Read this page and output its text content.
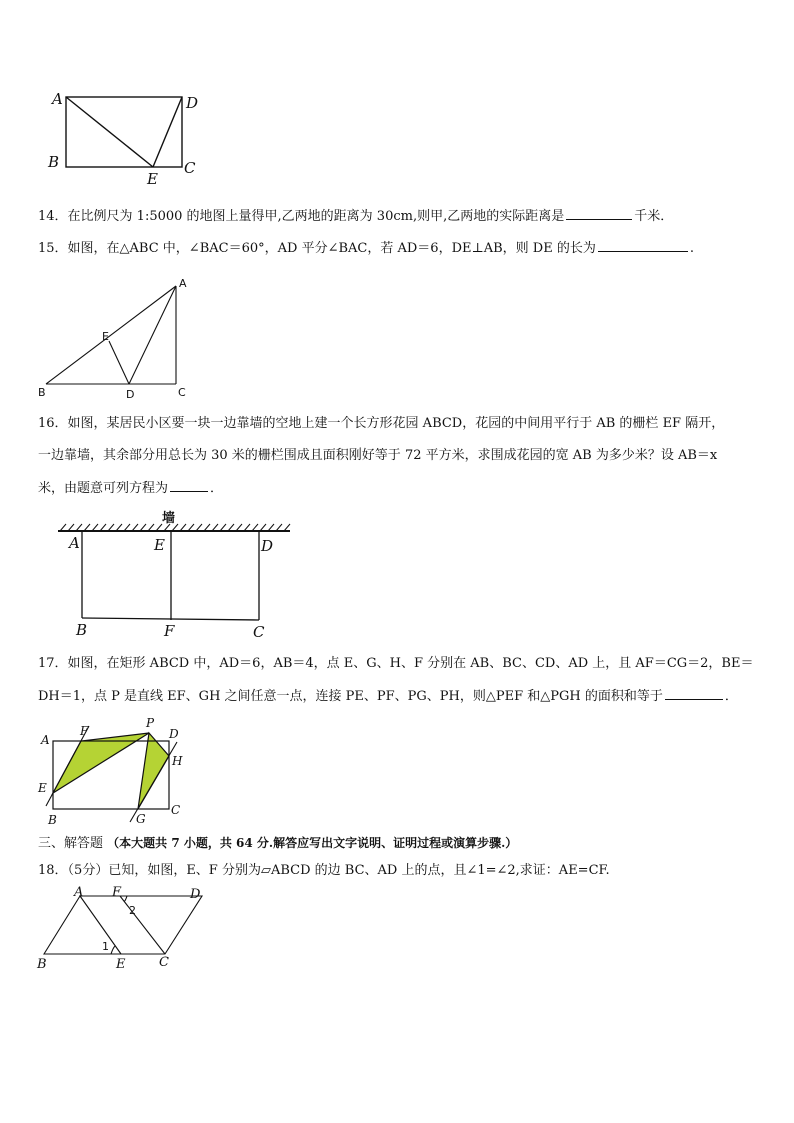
A	D
B
E
C
14．在比例尺为 1:5000 的地图上量得甲,乙两地的距离为 30cm,则甲,乙两地的实际距离是	千米．
15．如图，在△ABC 中，∠BAC＝60°，AD 平分∠BAC，若 AD＝6，DE⊥AB，则 DE 的长为	.
A
E
B	D	C
16．如图，某居民小区要一块一边靠墙的空地上建一个长方形花园 ABCD，花园的中间用平行于 AB 的栅栏 EF 隔开，
一边靠墙，其余部分用总长为 30 米的栅栏围成且面积刚好等于 72 平方米，求围成花园的宽 AB 为多少米？设 AB＝x
米，由题意可列方程为	．
墙
A	E	D
B	F	C
17．如图，在矩形 ABCD 中，AD＝6，AB＝4，点 E、G、H、F 分别在 AB、BC、CD、AD 上，且 AF＝CG＝2，BE＝
DH＝1，点 P 是直线 EF、GH 之间任意一点，连接 PE、PF、PG、PH，则△PEF 和△PGH 的面积和等于	．
A
F
P
D
H
E
B	G
C
三、解答题 （本大题共 7 小题，共 64 分.解答应写出文字说明、证明过程或演算步骤.）
18．（5分）已知，如图，E、F 分别为▱ABCD 的边 BC、AD 上的点，且∠1=∠2,求证：AE=CF.
A F	D
2
1
B	E	C
